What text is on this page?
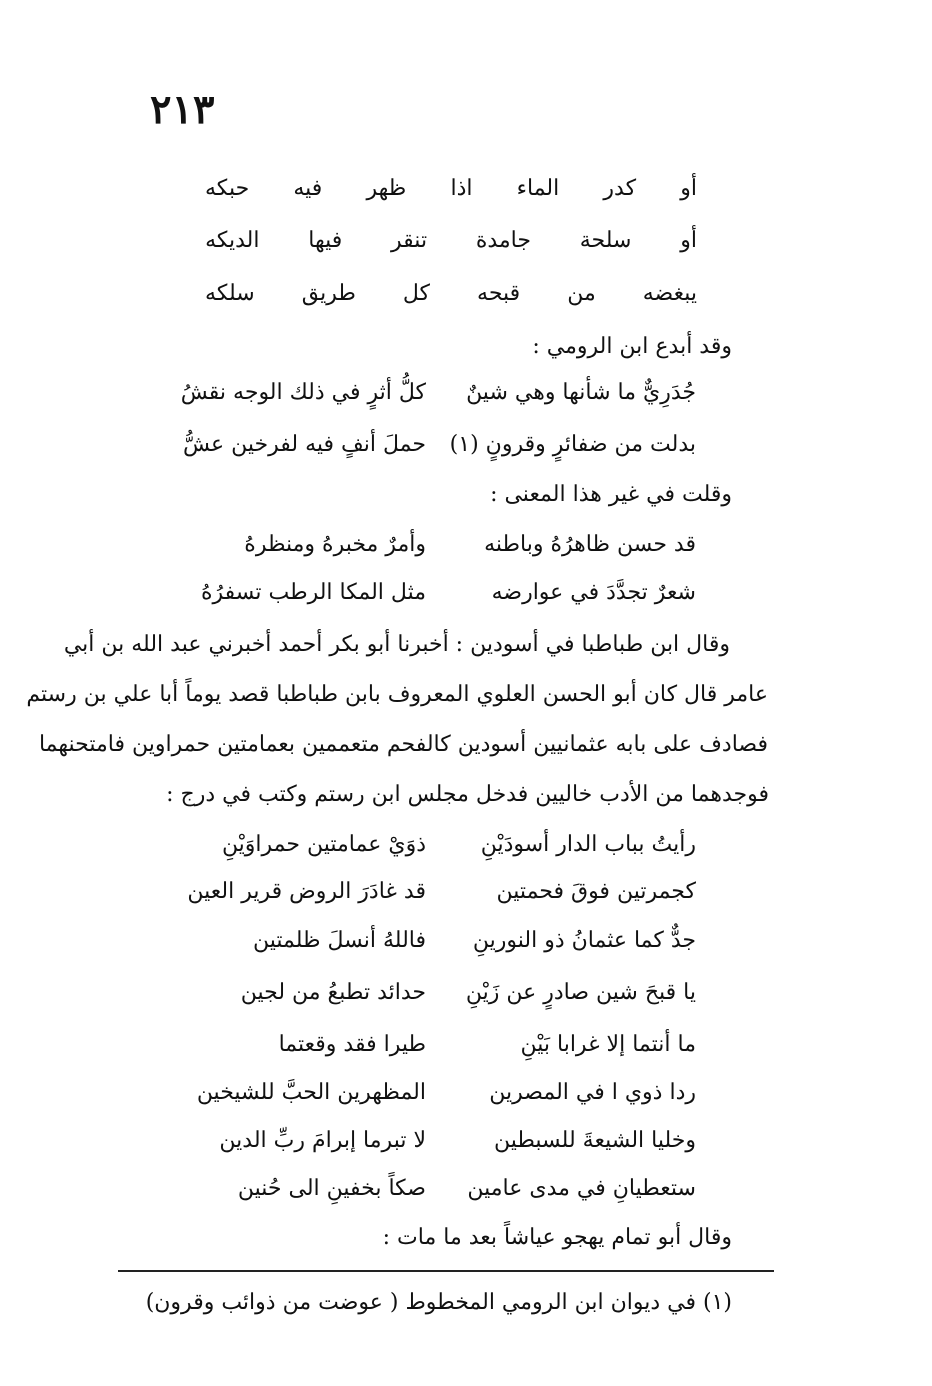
٢١٣
أو
كدر
الماء
اذا
ظهر
فيه
حبكه
أو
سلحة
جامدة
تنقر
فيها
الديكه
يبغضه
من
قبحه
كل
طريق
سلكه
وقد أبدع ابن الرومي :
جُدَرِيٌّ ما شأنها وهي شينٌ
كلُّ أثرٍ في ذلك الوجه نقشُ
بدلت من ضفائرٍ وقرونٍ (١)
حملَ أنفٍ فيه لفرخين عشُّ
وقلت في غير هذا المعنى :
قد حسن ظاهرُهُ وباطنه
وأمرٌ مخبرهُ ومنظرهُ
شعرٌ تجدَّدَ في عوارضه
مثل المكا الرطب تسفرُهُ
وقال ابن طباطبا في أسودين : أخبرنا أبو بكر أحمد أخبرني عبد الله بن أبي
عامر قال كان أبو الحسن العلوي المعروف بابن طباطبا قصد يوماً أبا علي بن رستم
فصادف على بابه عثمانيين أسودين كالفحم متعممين بعمامتين حمراوين فامتحنهما
فوجدهما من الأدب خاليين فدخل مجلس ابن رستم وكتب في درج :
رأيتُ بباب الدار أسودَيْنِ
ذوَيْ عمامتين حمراوَيْنِ
كجمرتين فوقَ فحمتين
قد غادَرَ الروض قرير العين
جدٌّ كما عثمانُ ذو النورينِ
فاللهُ أنسلَ ظلمتين
يا قبحَ شين صادرٍ عن زَيْنِ
حدائد تطبعُ من لجين
ما أنتما إلا غرابا بَيْنِ
طيرا فقد وقعتما
ردا ذوي ا في المصرين
المظهرين الحبَّ للشيخين
وخليا الشيعةَ للسبطين
لا تبرما إبرامَ ربِّ الدين
ستعطيانِ في مدى عامين
صكاً بخفينِ الى حُنين
وقال أبو تمام يهجو عياشاً بعد ما مات :
(١) في ديوان ابن الرومي المخطوط ( عوضت من ذوائب وقرون)
